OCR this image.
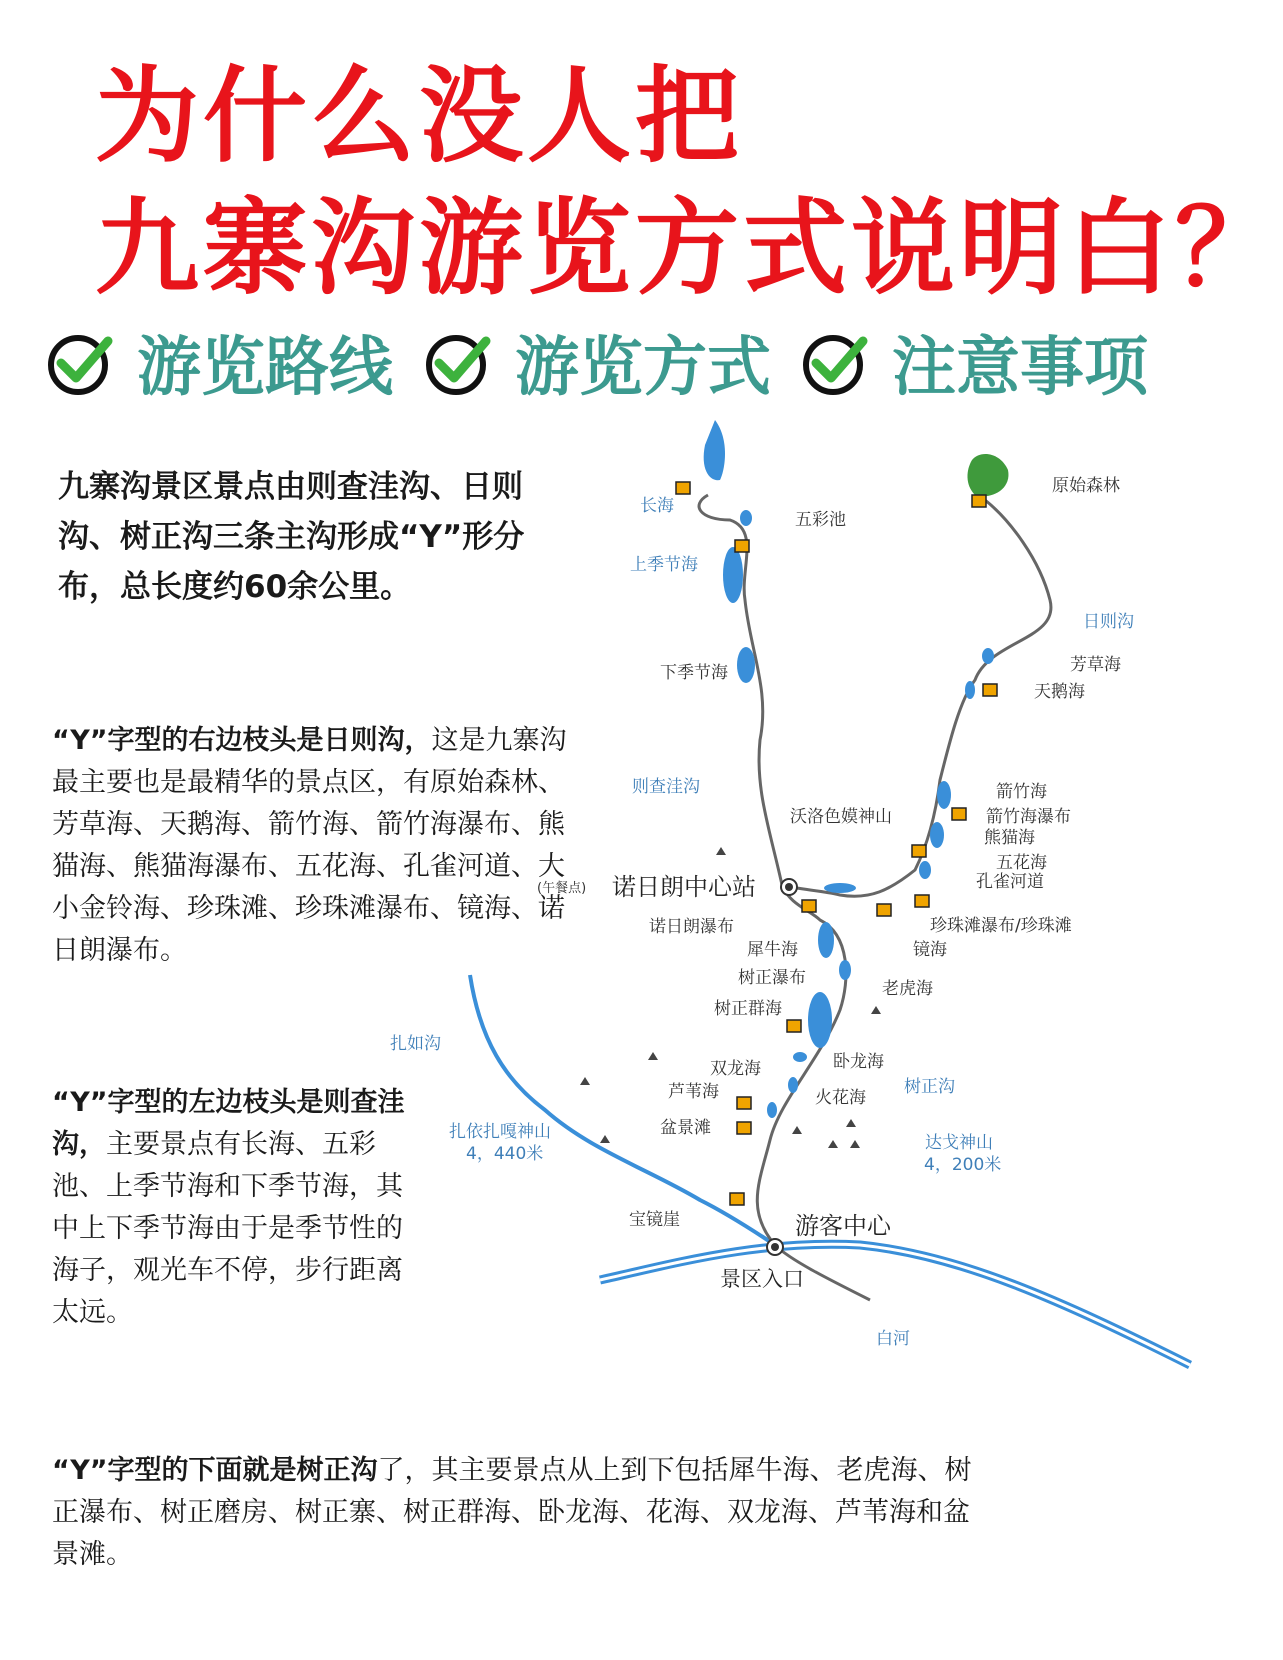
为什么没人把
九寨沟游览方式说明白？
游览路线 游览方式 注意事项
九寨沟景区景点由则查洼沟、日则沟、树正沟三条主沟形成“Y”形分布，总长度约60余公里。
“Y”字型的右边枝头是日则沟，这是九寨沟最主要也是最精华的景点区，有原始森林、芳草海、天鹅海、箭竹海、箭竹海瀑布、熊猫海、熊猫海瀑布、五花海、孔雀河道、大小金铃海、珍珠滩、珍珠滩瀑布、镜海、诺日朗瀑布。
“Y”字型的左边枝头是则查洼沟，主要景点有长海、五彩池、上季节海和下季节海，其中上下季节海由于是季节性的海子，观光车不停，步行距离太远。
“Y”字型的下面就是树正沟了，其主要景点从上到下包括犀牛海、老虎海、树正瀑布、树正磨房、树正寨、树正群海、卧龙海、花海、双龙海、芦苇海和盆景滩。
原始森林
长海
五彩池
上季节海
日则沟
芳草海
天鹅海
下季节海
箭竹海
则查洼沟
箭竹海瀑布
沃洛色嫫神山
熊猫海
五花海
孔雀河道
(午餐点) 诺日朗中心站
珍珠滩瀑布/珍珠滩
诺日朗瀑布
镜海
犀牛海
树正瀑布
老虎海
树正群海
扎如沟
卧龙海
双龙海
芦苇海	树正沟
火花海
扎依扎嘎神山
4，440米
盆景滩
达戈神山
4，200米
宝镜崖	游客中心
景区入口
白河
